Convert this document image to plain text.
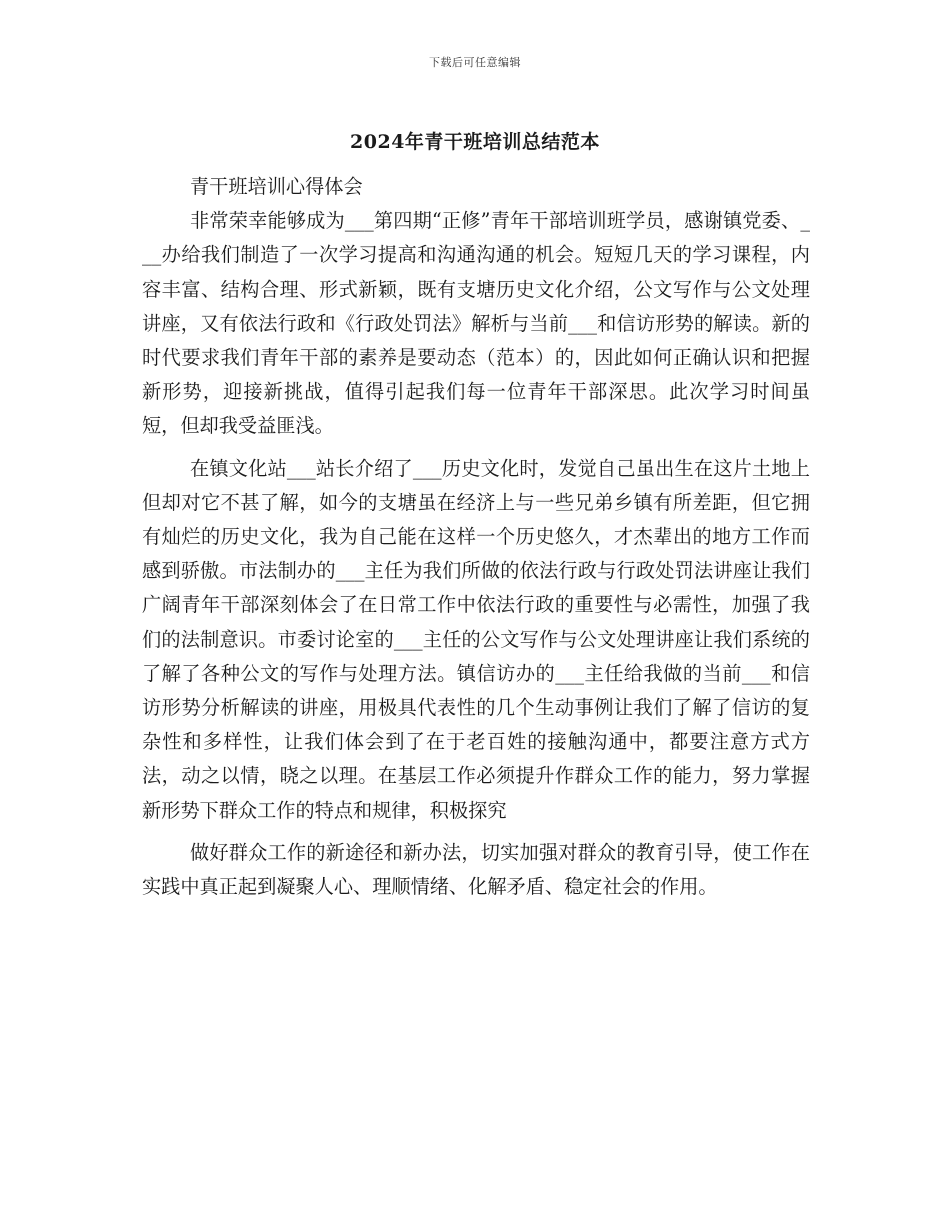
下载后可任意编辑
2024年青干班培训总结范本

青干班培训心得体会

非常荣幸能够成为___第四期“正修”青年干部培训班学员，感谢镇党委、___办给我们制造了一次学习提高和沟通沟通的机会。短短几天的学习课程，内容丰富、结构合理、形式新颖，既有支塘历史文化介绍，公文写作与公文处理讲座，又有依法行政和《行政处罚法》解析与当前___和信访形势的解读。新的时代要求我们青年干部的素养是要动态（范本）的，因此如何正确认识和把握新形势，迎接新挑战，值得引起我们每一位青年干部深思。此次学习时间虽短，但却我受益匪浅。

在镇文化站___站长介绍了___历史文化时，发觉自己虽出生在这片土地上但却对它不甚了解，如今的支塘虽在经济上与一些兄弟乡镇有所差距，但它拥有灿烂的历史文化，我为自己能在这样一个历史悠久，才杰辈出的地方工作而感到骄傲。市法制办的___主任为我们所做的依法行政与行政处罚法讲座让我们广阔青年干部深刻体会了在日常工作中依法行政的重要性与必需性，加强了我们的法制意识。市委讨论室的___主任的公文写作与公文处理讲座让我们系统的了解了各种公文的写作与处理方法。镇信访办的___主任给我做的当前___和信访形势分析解读的讲座，用极具代表性的几个生动事例让我们了解了信访的复杂性和多样性，让我们体会到了在于老百姓的接触沟通中，都要注意方式方法，动之以情，晓之以理。在基层工作必须提升作群众工作的能力，努力掌握新形势下群众工作的特点和规律，积极探究

做好群众工作的新途径和新办法，切实加强对群众的教育引导，使工作在实践中真正起到凝聚人心、理顺情绪、化解矛盾、稳定社会的作用。
